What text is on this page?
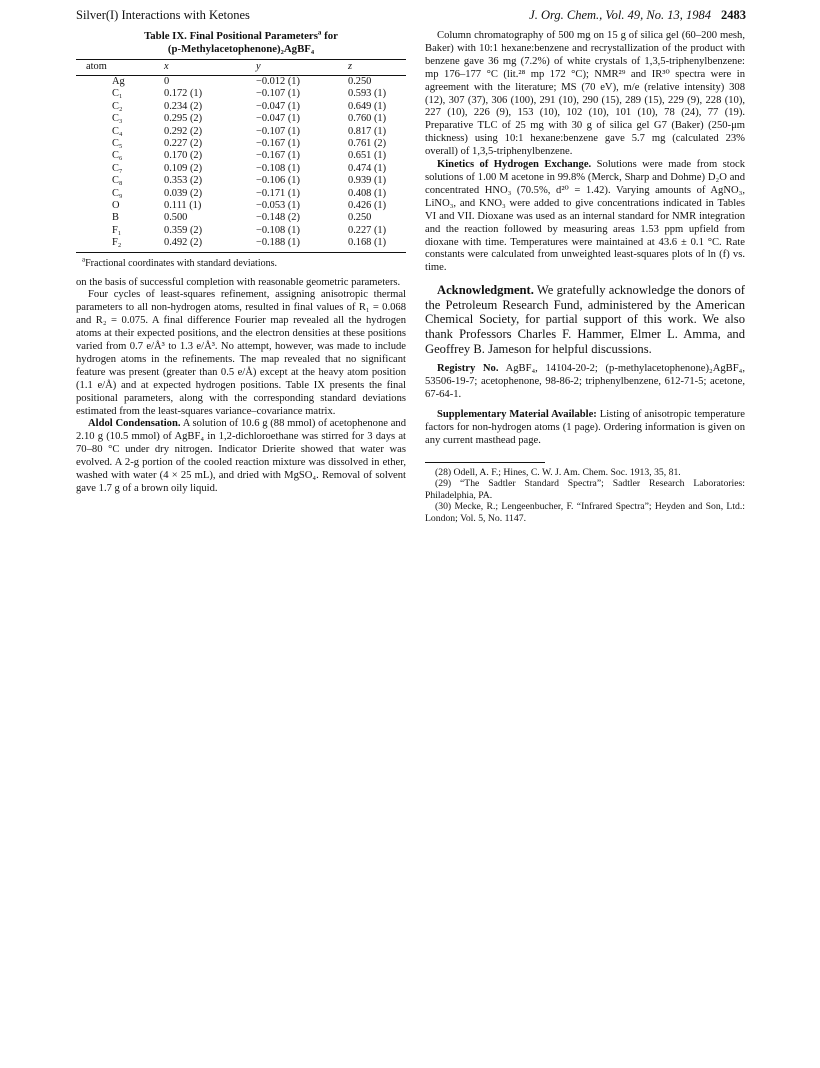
Silver(I) Interactions with Ketones	J. Org. Chem., Vol. 49, No. 13, 1984 2483
Table IX. Final Positional Parameters$^a$ for
(p-Methylacetophenone)₂AgBF₄
atom	x	y	z
Ag	0	−0.012 (1)	0.250
C₁	0.172 (1)	−0.107 (1)	0.593 (1)
C₂	0.234 (2)	−0.047 (1)	0.649 (1)
C₃	0.295 (2)	−0.047 (1)	0.760 (1)
C₄	0.292 (2)	−0.107 (1)	0.817 (1)
C₅	0.227 (2)	−0.167 (1)	0.761 (2)
C₆	0.170 (2)	−0.167 (1)	0.651 (1)
C₇	0.109 (2)	−0.108 (1)	0.474 (1)
C₈	0.353 (2)	−0.106 (1)	0.939 (1)
C₉	0.039 (2)	−0.171 (1)	0.408 (1)
O	0.111 (1)	−0.053 (1)	0.426 (1)
B	0.500	−0.148 (2)	0.250
F₁	0.359 (2)	−0.108 (1)	0.227 (1)
F₂	0.492 (2)	−0.188 (1)	0.168 (1)

$^a$Fractional coordinates with standard deviations.

on the basis of successful completion with reasonable geometric parameters.

Four cycles of least-squares refinement, assigning anisotropic thermal parameters to all non-hydrogen atoms, resulted in final values of R₁ = 0.068 and R₂ = 0.075. A final difference Fourier map revealed all the hydrogen atoms at their expected positions, and the electron densities at these positions varied from 0.7 e/Å³ to 1.3 e/Å³. No attempt, however, was made to include hydrogen atoms in the refinements. The map revealed that no significant feature was present (greater than 0.5 e/Å) except at the heavy atom position (1.1 e/Å) and at expected hydrogen positions. Table IX presents the final positional parameters, along with the corresponding standard deviations estimated from the least-squares variance–covariance matrix.

Aldol Condensation. A solution of 10.6 g (88 mmol) of acetophenone and 2.10 g (10.5 mmol) of AgBF₄ in 1,2-dichloroethane was stirred for 3 days at 70–80 °C under dry nitrogen. Indicator Drierite showed that water was evolved. A 2-g portion of the cooled reaction mixture was dissolved in ether, washed with water (4 × 25 mL), and dried with MgSO₄. Removal of solvent gave 1.7 g of a brown oily liquid.

Column chromatography of 500 mg on 15 g of silica gel (60–200 mesh, Baker) with 10:1 hexane:benzene and recrystallization of the product with benzene gave 36 mg (7.2%) of white crystals of 1,3,5-triphenylbenzene: mp 176–177 °C (lit.²⁸ mp 172 °C); NMR²⁹ and IR³⁰ spectra were in agreement with the literature; MS (70 eV), m/e (relative intensity) 308 (12), 307 (37), 306 (100), 291 (10), 290 (15), 289 (15), 229 (9), 228 (10), 227 (10), 226 (9), 153 (10), 102 (10), 101 (10), 78 (24), 77 (19). Preparative TLC of 25 mg with 30 g of silica gel G7 (Baker) (250-μm thickness) using 10:1 hexane:benzene gave 5.7 mg (calculated 23% overall) of 1,3,5-triphenylbenzene.

Kinetics of Hydrogen Exchange. Solutions were made from stock solutions of 1.00 M acetone in 99.8% (Merck, Sharp and Dohme) D₂O and concentrated HNO₃ (70.5%, d²⁰ = 1.42). Varying amounts of AgNO₃, LiNO₃, and KNO₃ were added to give concentrations indicated in Tables VI and VII. Dioxane was used as an internal standard for NMR integration and the reaction followed by measuring areas 1.53 ppm upfield from dioxane with time. Temperatures were maintained at 43.6 ± 0.1 °C. Rate constants were calculated from unweighted least-squares plots of ln (f) vs. time.

Acknowledgment. We gratefully acknowledge the donors of the Petroleum Research Fund, administered by the American Chemical Society, for partial support of this work. We also thank Professors Charles F. Hammer, Elmer L. Amma, and Geoffrey B. Jameson for helpful discussions.

Registry No. AgBF₄, 14104-20-2; (p-methylacetophenone)₂AgBF₄, 53506-19-7; acetophenone, 98-86-2; triphenylbenzene, 612-71-5; acetone, 67-64-1.

Supplementary Material Available: Listing of anisotropic temperature factors for non-hydrogen atoms (1 page). Ordering information is given on any current masthead page.

(28) Odell, A. F.; Hines, C. W. J. Am. Chem. Soc. 1913, 35, 81.

(29) “The Sadtler Standard Spectra”; Sadtler Research Laboratories: Philadelphia, PA.

(30) Mecke, R.; Lengeenbucher, F. “Infrared Spectra”; Heyden and Son, Ltd.: London; Vol. 5, No. 1147.
